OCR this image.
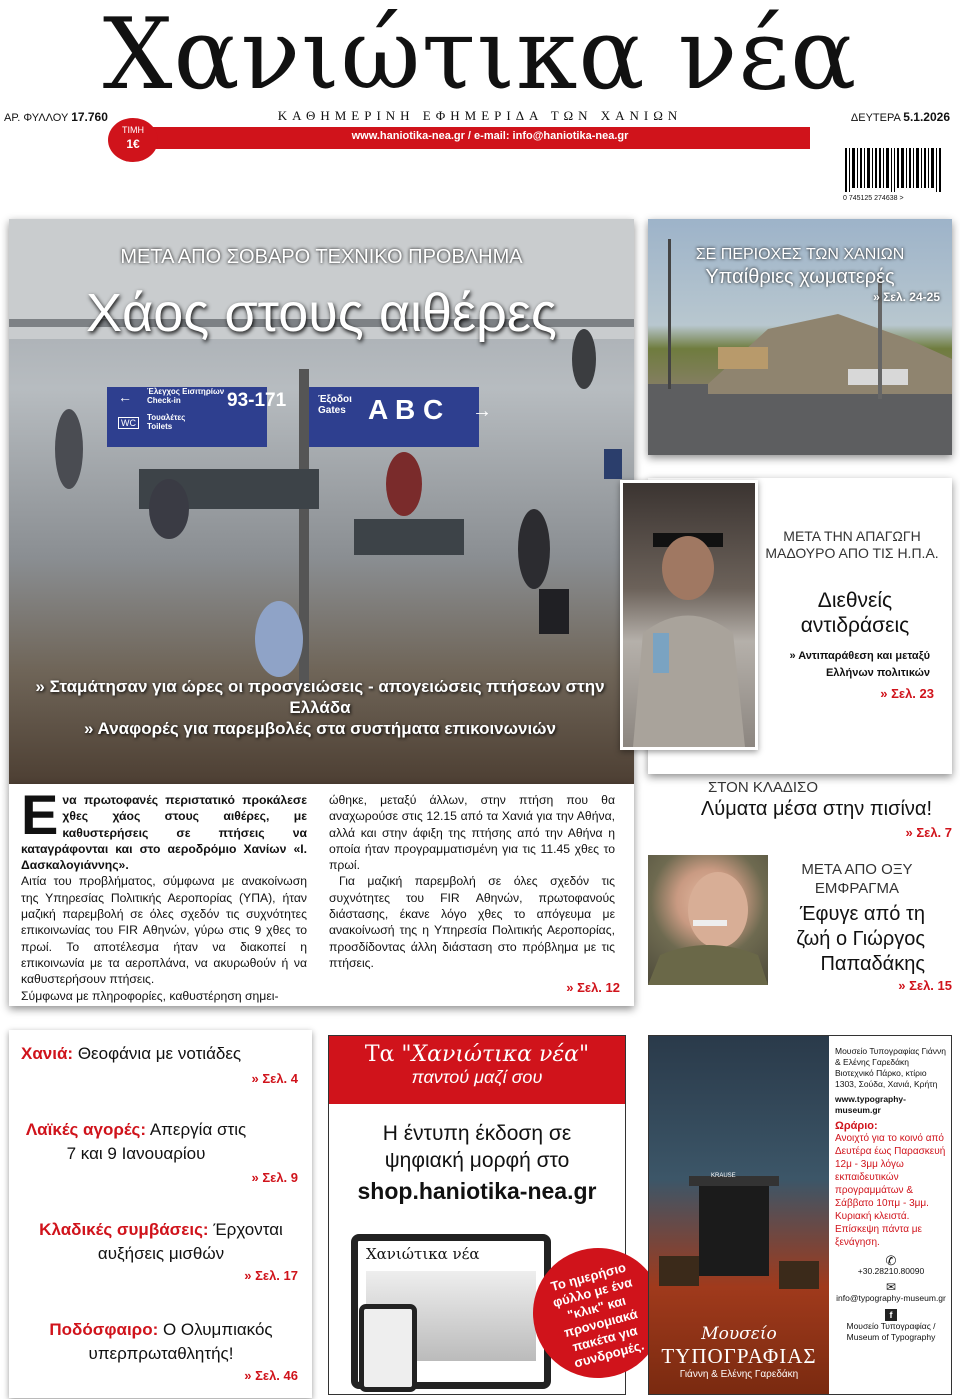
Χανιώτικα νέα
ΑΡ. ΦΥΛΛΟΥ 17.760	ΚΑΘΗΜΕΡΙΝΗ ΕΦΗΜΕΡΙΔΑ ΤΩΝ ΧΑΝΙΩΝ	ΔΕΥΤΕΡΑ 5.1.2026
www.haniotika-nea.gr / e-mail: info@haniotika-nea.gr
ΤΙΜΗ
1€
0 745125 274638 >
Έλεγχος Εισιτηρίων
Check-in
Τουαλέτες
Toilets
93-171
←
WC
Έξοδοι
Gates A B C →
ΜΕΤΑ ΑΠΟ ΣΟΒΑΡΟ ΤΕΧΝΙΚΟ ΠΡΟΒΛΗΜΑ
Χάος στους αιθέρες
» Σταμάτησαν για ώρες οι προσγειώσεις - απογειώσεις πτήσεων στην Ελλάδα
» Αναφορές για παρεμβολές στα συστήματα επικοινωνιών
Ενα πρωτοφανές περιστατικό προκάλεσε χθες χάος στους αιθέρες, με καθυστερήσεις σε πτήσεις να καταγράφονται και στο αεροδρόμιο Χανίων «Ι. Δασκαλογιάννης».
Αιτία του προβλήματος, σύμφωνα με ανακοίνωση της Υπηρεσίας Πολιτικής Αεροπορίας (ΥΠΑ), ήταν μαζική παρεμβολή σε όλες σχεδόν τις συχνότητες επικοινωνίας του FIR Αθηνών, γύρω στις 9 χθες το πρωί. Το αποτέλεσμα ήταν να διακοπεί η επικοινωνία με τα αεροπλάνα, να ακυρωθούν ή να καθυστερήσουν πτήσεις.
Σύμφωνα με πληροφορίες, καθυστέρηση σημει-
ώθηκε, μεταξύ άλλων, στην πτήση που θα αναχωρούσε στις 12.15 από τα Χανιά για την Αθήνα, αλλά και στην άφιξη της πτήσης από την Αθήνα η οποία ήταν προγραμματισμένη για τις 11.45 χθες το πρωί.
Για μαζική παρεμβολή σε όλες σχεδόν τις συχνότητες του FIR Αθηνών, πρωτοφανούς διάστασης, έκανε λόγο χθες το απόγευμα με ανακοίνωσή της η Υπηρεσία Πολιτικής Αεροπορίας, προσδίδοντας άλλη διάσταση στο πρόβλημα με τις πτήσεις.
» Σελ. 12
ΣΕ ΠΕΡΙΟΧΕΣ ΤΩΝ ΧΑΝΙΩΝ
Υπαίθριες χωματερές
» Σελ. 24-25
ΜΕΤΑ ΤΗΝ ΑΠΑΓΩΓΗ ΜΑΔΟΥΡΟ ΑΠΟ ΤΙΣ Η.Π.Α.
Διεθνείς αντιδράσεις
» Αντιπαράθεση και μεταξύ Ελλήνων πολιτικών
» Σελ. 23
ΣΤΟΝ ΚΛΑΔΙΣΟ
Λύματα μέσα στην πισίνα!
» Σελ. 7
ΜΕΤΑ ΑΠΟ ΟΞΥ ΕΜΦΡΑΓΜΑ
Έφυγε από τη ζωή ο Γιώργος Παπαδάκης
» Σελ. 15
Χανιά: Θεοφάνια με νοτιάδες
» Σελ. 4
Λαϊκές αγορές: Απεργία στις 7 και 9 Ιανουαρίου
» Σελ. 9
Κλαδικές συμβάσεις: Έρχονται αυξήσεις μισθών
» Σελ. 17
Ποδόσφαιρο: Ο Ολυμπιακός υπερπρωταθλητής!
» Σελ. 46
Τα "Χανιώτικα νέα"
παντού μαζί σου
Η έντυπη έκδοση σε ψηφιακή μορφή στο
shop.haniotika-nea.gr
Χανιώτικα νέα
Το ημερήσιο φύλλο με ένα "κλικ" και προνομιακά πακέτα για συνδρομές.
KRAUSE
Μουσείο
ΤΥΠΟΓΡΑΦΙΑΣ
Γιάννη & Ελένης Γαρεδάκη
Μουσείο Τυπογραφίας Γιάννη & Ελένης Γαρεδάκη Βιοτεχνικό Πάρκο, κτίριο 1303, Σούδα, Χανιά, Κρήτη
www.typography-museum.gr
Ωράριο:
Ανοιχτό για το κοινό από Δευτέρα έως Παρασκευή 12μ - 3μμ λόγω εκπαιδευτικών προγραμμάτων & Σάββατο 10πμ - 3μμ. Κυριακή κλειστά. Επίσκεψη πάντα με ξενάγηση.
✆
+30.28210.80090
✉
info@typography-museum.gr
f
Μουσείο Τυπογραφίας / Museum of Typography
